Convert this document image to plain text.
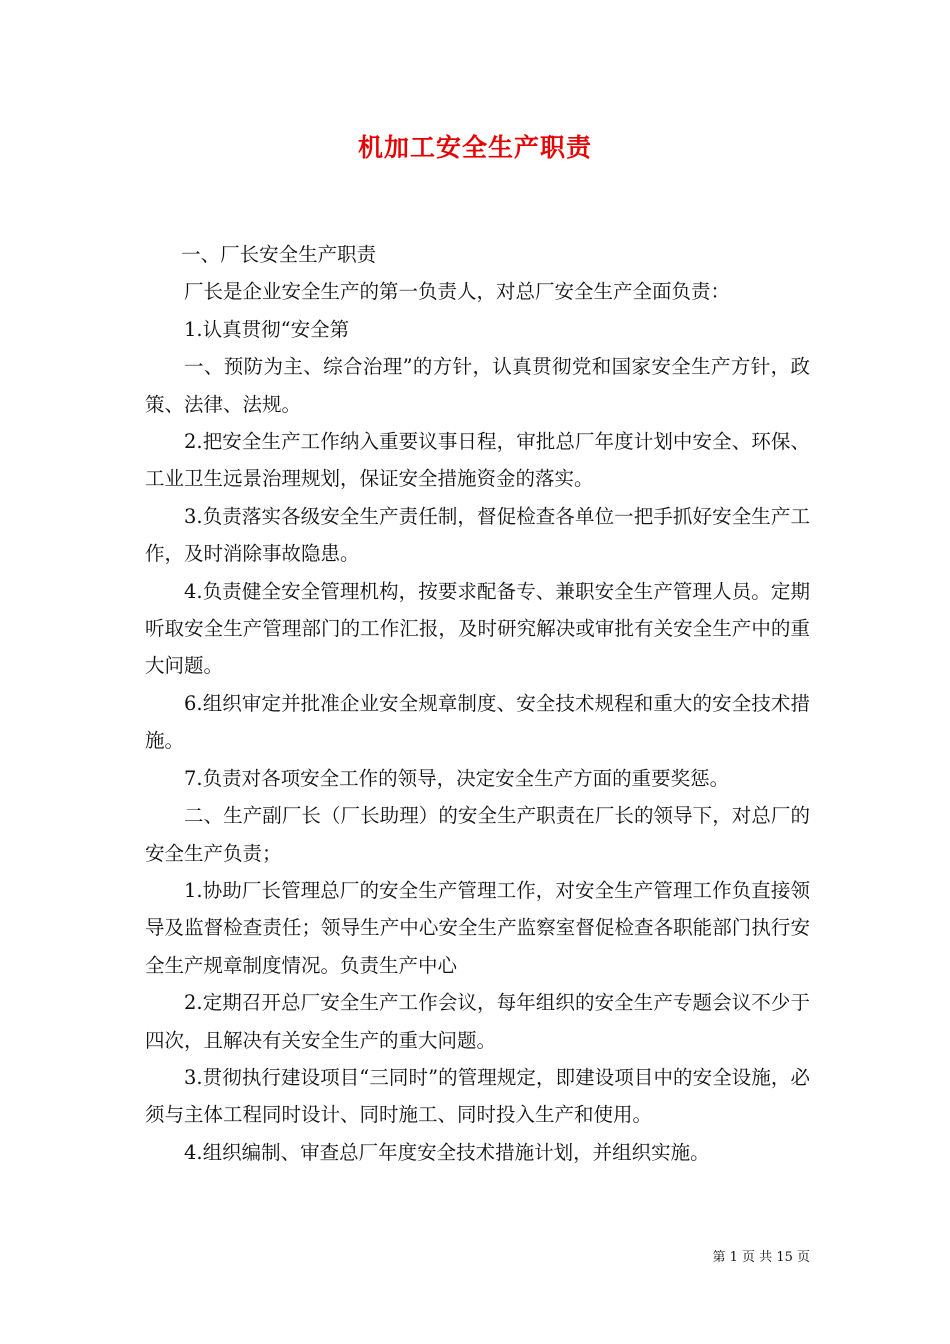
机加工安全生产职责

一、厂长安全生产职责

厂长是企业安全生产的第一负责人，对总厂安全生产全面负责：

1.认真贯彻“安全第

一、预防为主、综合治理”的方针，认真贯彻党和国家安全生产方针，政策、法律、法规。

2.把安全生产工作纳入重要议事日程，审批总厂年度计划中安全、环保、工业卫生远景治理规划，保证安全措施资金的落实。

3.负责落实各级安全生产责任制，督促检查各单位一把手抓好安全生产工作，及时消除事故隐患。

4.负责健全安全管理机构，按要求配备专、兼职安全生产管理人员。定期听取安全生产管理部门的工作汇报，及时研究解决或审批有关安全生产中的重大问题。

6.组织审定并批准企业安全规章制度、安全技术规程和重大的安全技术措施。

7.负责对各项安全工作的领导，决定安全生产方面的重要奖惩。

二、生产副厂长（厂长助理）的安全生产职责在厂长的领导下，对总厂的安全生产负责；

1.协助厂长管理总厂的安全生产管理工作，对安全生产管理工作负直接领导及监督检查责任；领导生产中心安全生产监察室督促检查各职能部门执行安全生产规章制度情况。负责生产中心

2.定期召开总厂安全生产工作会议，每年组织的安全生产专题会议不少于四次，且解决有关安全生产的重大问题。

3.贯彻执行建设项目“三同时”的管理规定，即建设项目中的安全设施，必须与主体工程同时设计、同时施工、同时投入生产和使用。

4.组织编制、审查总厂年度安全技术措施计划，并组织实施。

第 1 页 共 15 页
